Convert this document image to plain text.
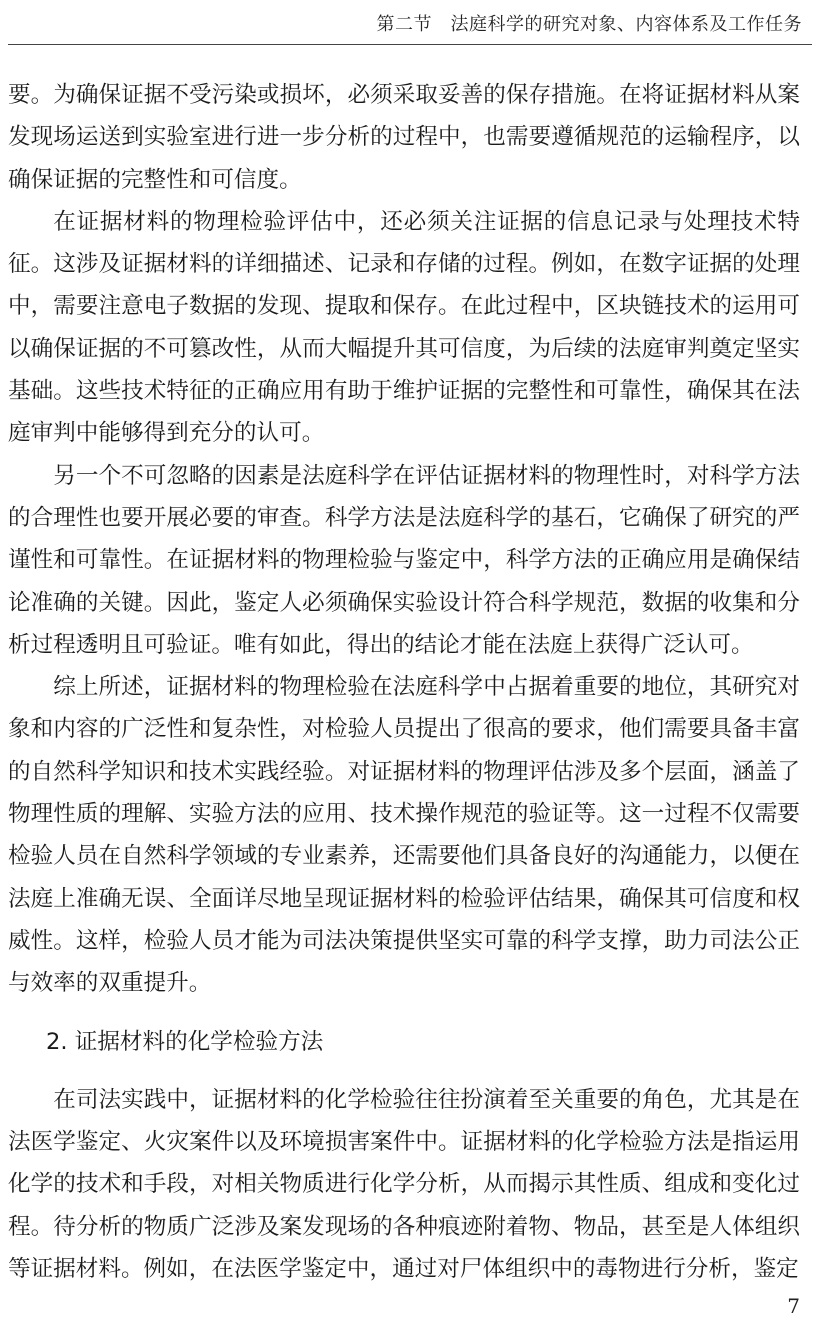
第二节　法庭科学的研究对象、内容体系及工作任务

要。为确保证据不受污染或损坏，必须采取妥善的保存措施。在将证据材料从案发现场运送到实验室进行进一步分析的过程中，也需要遵循规范的运输程序，以确保证据的完整性和可信度。

在证据材料的物理检验评估中，还必须关注证据的信息记录与处理技术特征。这涉及证据材料的详细描述、记录和存储的过程。例如，在数字证据的处理中，需要注意电子数据的发现、提取和保存。在此过程中，区块链技术的运用可以确保证据的不可篡改性，从而大幅提升其可信度，为后续的法庭审判奠定坚实基础。这些技术特征的正确应用有助于维护证据的完整性和可靠性，确保其在法庭审判中能够得到充分的认可。

另一个不可忽略的因素是法庭科学在评估证据材料的物理性时，对科学方法的合理性也要开展必要的审查。科学方法是法庭科学的基石，它确保了研究的严谨性和可靠性。在证据材料的物理检验与鉴定中，科学方法的正确应用是确保结论准确的关键。因此，鉴定人必须确保实验设计符合科学规范，数据的收集和分析过程透明且可验证。唯有如此，得出的结论才能在法庭上获得广泛认可。

综上所述，证据材料的物理检验在法庭科学中占据着重要的地位，其研究对象和内容的广泛性和复杂性，对检验人员提出了很高的要求，他们需要具备丰富的自然科学知识和技术实践经验。对证据材料的物理评估涉及多个层面，涵盖了物理性质的理解、实验方法的应用、技术操作规范的验证等。这一过程不仅需要检验人员在自然科学领域的专业素养，还需要他们具备良好的沟通能力，以便在法庭上准确无误、全面详尽地呈现证据材料的检验评估结果，确保其可信度和权威性。这样，检验人员才能为司法决策提供坚实可靠的科学支撑，助力司法公正与效率的双重提升。

2. 证据材料的化学检验方法

在司法实践中，证据材料的化学检验往往扮演着至关重要的角色，尤其是在法医学鉴定、火灾案件以及环境损害案件中。证据材料的化学检验方法是指运用化学的技术和手段，对相关物质进行化学分析，从而揭示其性质、组成和变化过程。待分析的物质广泛涉及案发现场的各种痕迹附着物、物品，甚至是人体组织等证据材料。例如，在法医学鉴定中，通过对尸体组织中的毒物进行分析，鉴定

7
